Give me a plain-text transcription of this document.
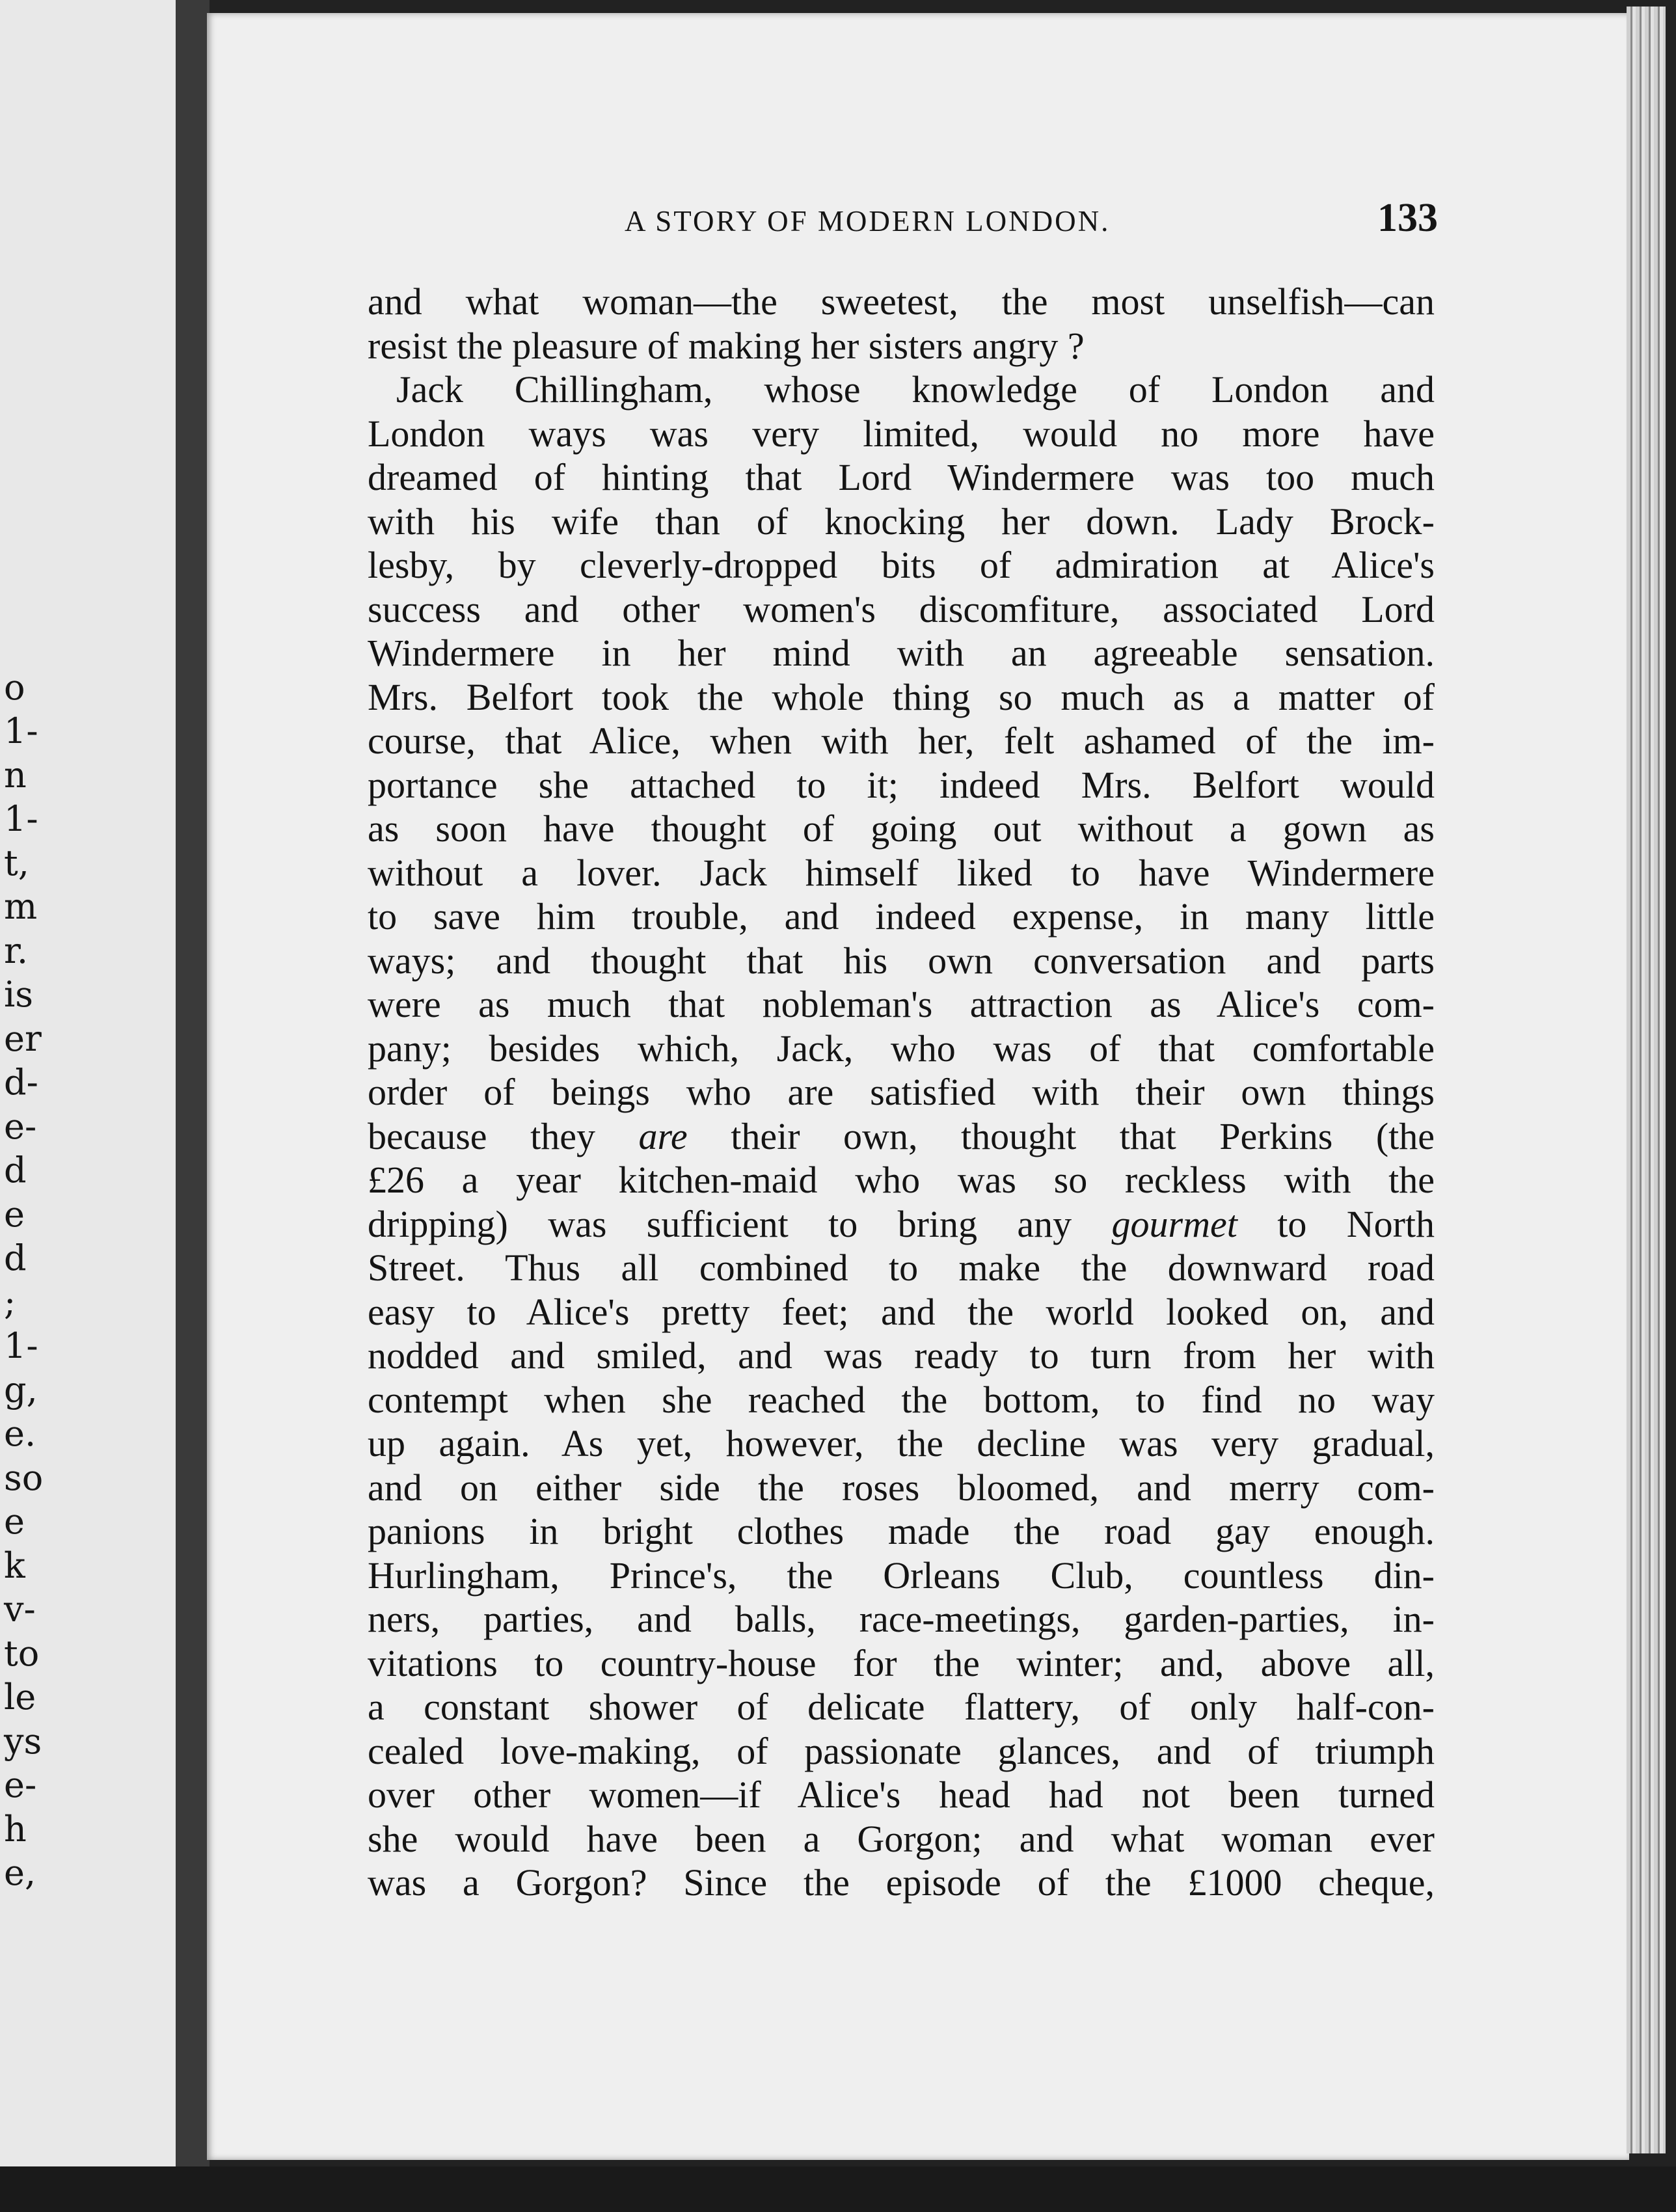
o
1-
n
1-
t,
m
r.
is
er
d-
e-
d
e
d
;
1-
g,
e.
so
e
k
v-
to
le
ys
e-
h
e,
A STORY OF MODERN LONDON.	133
and what woman—the sweetest, the most unselfish—can
resist the pleasure of making her sisters angry ?
Jack Chillingham, whose knowledge of London and
London ways was very limited, would no more have
dreamed of hinting that Lord Windermere was too much
with his wife than of knocking her down. Lady Brock-
lesby, by cleverly-dropped bits of admiration at Alice's
success and other women's discomfiture, associated Lord
Windermere in her mind with an agreeable sensation.
Mrs. Belfort took the whole thing so much as a matter of
course, that Alice, when with her, felt ashamed of the im-
portance she attached to it; indeed Mrs. Belfort would
as soon have thought of going out without a gown as
without a lover. Jack himself liked to have Windermere
to save him trouble, and indeed expense, in many little
ways; and thought that his own conversation and parts
were as much that nobleman's attraction as Alice's com-
pany; besides which, Jack, who was of that comfortable
order of beings who are satisfied with their own things
because they are their own, thought that Perkins (the
£26 a year kitchen-maid who was so reckless with the
dripping) was sufficient to bring any gourmet to North
Street. Thus all combined to make the downward road
easy to Alice's pretty feet; and the world looked on, and
nodded and smiled, and was ready to turn from her with
contempt when she reached the bottom, to find no way
up again. As yet, however, the decline was very gradual,
and on either side the roses bloomed, and merry com-
panions in bright clothes made the road gay enough.
Hurlingham, Prince's, the Orleans Club, countless din-
ners, parties, and balls, race-meetings, garden-parties, in-
vitations to country-house for the winter; and, above all,
a constant shower of delicate flattery, of only half-con-
cealed love-making, of passionate glances, and of triumph
over other women—if Alice's head had not been turned
she would have been a Gorgon; and what woman ever
was a Gorgon? Since the episode of the £1000 cheque,
